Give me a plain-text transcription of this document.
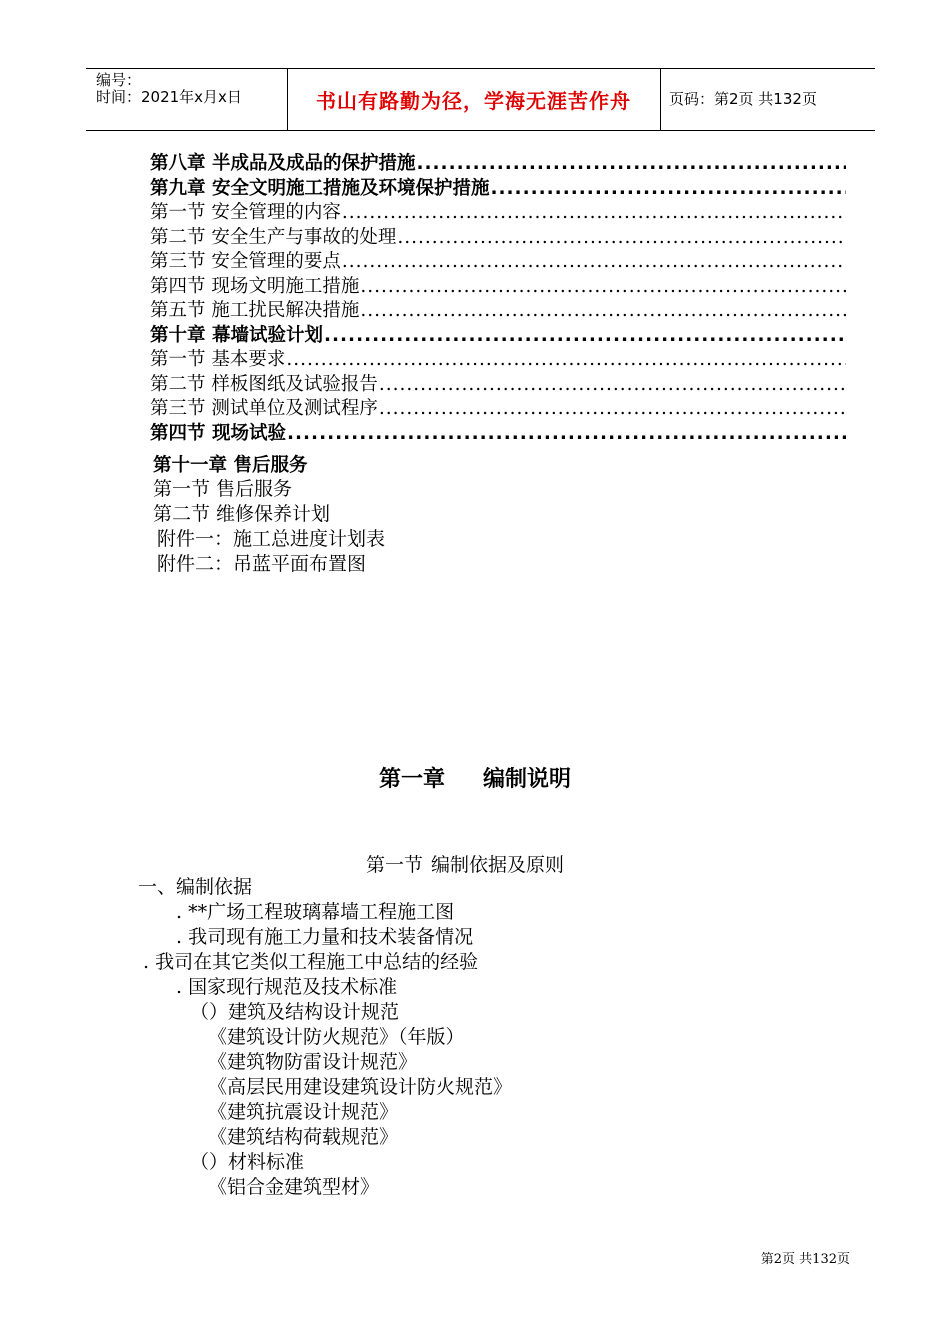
编号：
时间：2021年x月x日	书山有路勤为径，学海无涯苦作舟	页码：第2页 共132页
第八章 半成品及成品的保护措施
.....
第九章 安全文明施工措施及环境保护措施
.....
第一节 安全管理的内容
.....
第二节 安全生产与事故的处理
.....
第三节 安全管理的要点
.....
第四节 现场文明施工措施
.....
第五节 施工扰民解决措施
.....
第十章 幕墙试验计划
.....
第一节 基本要求
.....
第二节 样板图纸及试验报告
.....
第三节 测试单位及测试程序
.....
第四节 现场试验
.....
第十一章 售后服务
第一节 售后服务
第二节 维修保养计划
附件一：施工总进度计划表
附件二：吊蓝平面布置图
第一章 编制说明
第一节 编制依据及原则
一、编制依据
. **广场工程玻璃幕墙工程施工图
. 我司现有施工力量和技术装备情况
. 我司在其它类似工程施工中总结的经验
. 国家现行规范及技术标准
（）建筑及结构设计规范
《建筑设计防火规范》（年版）
《建筑物防雷设计规范》
《高层民用建设建筑设计防火规范》
《建筑抗震设计规范》
《建筑结构荷载规范》
（）材料标准
《铝合金建筑型材》
第2页 共132页
